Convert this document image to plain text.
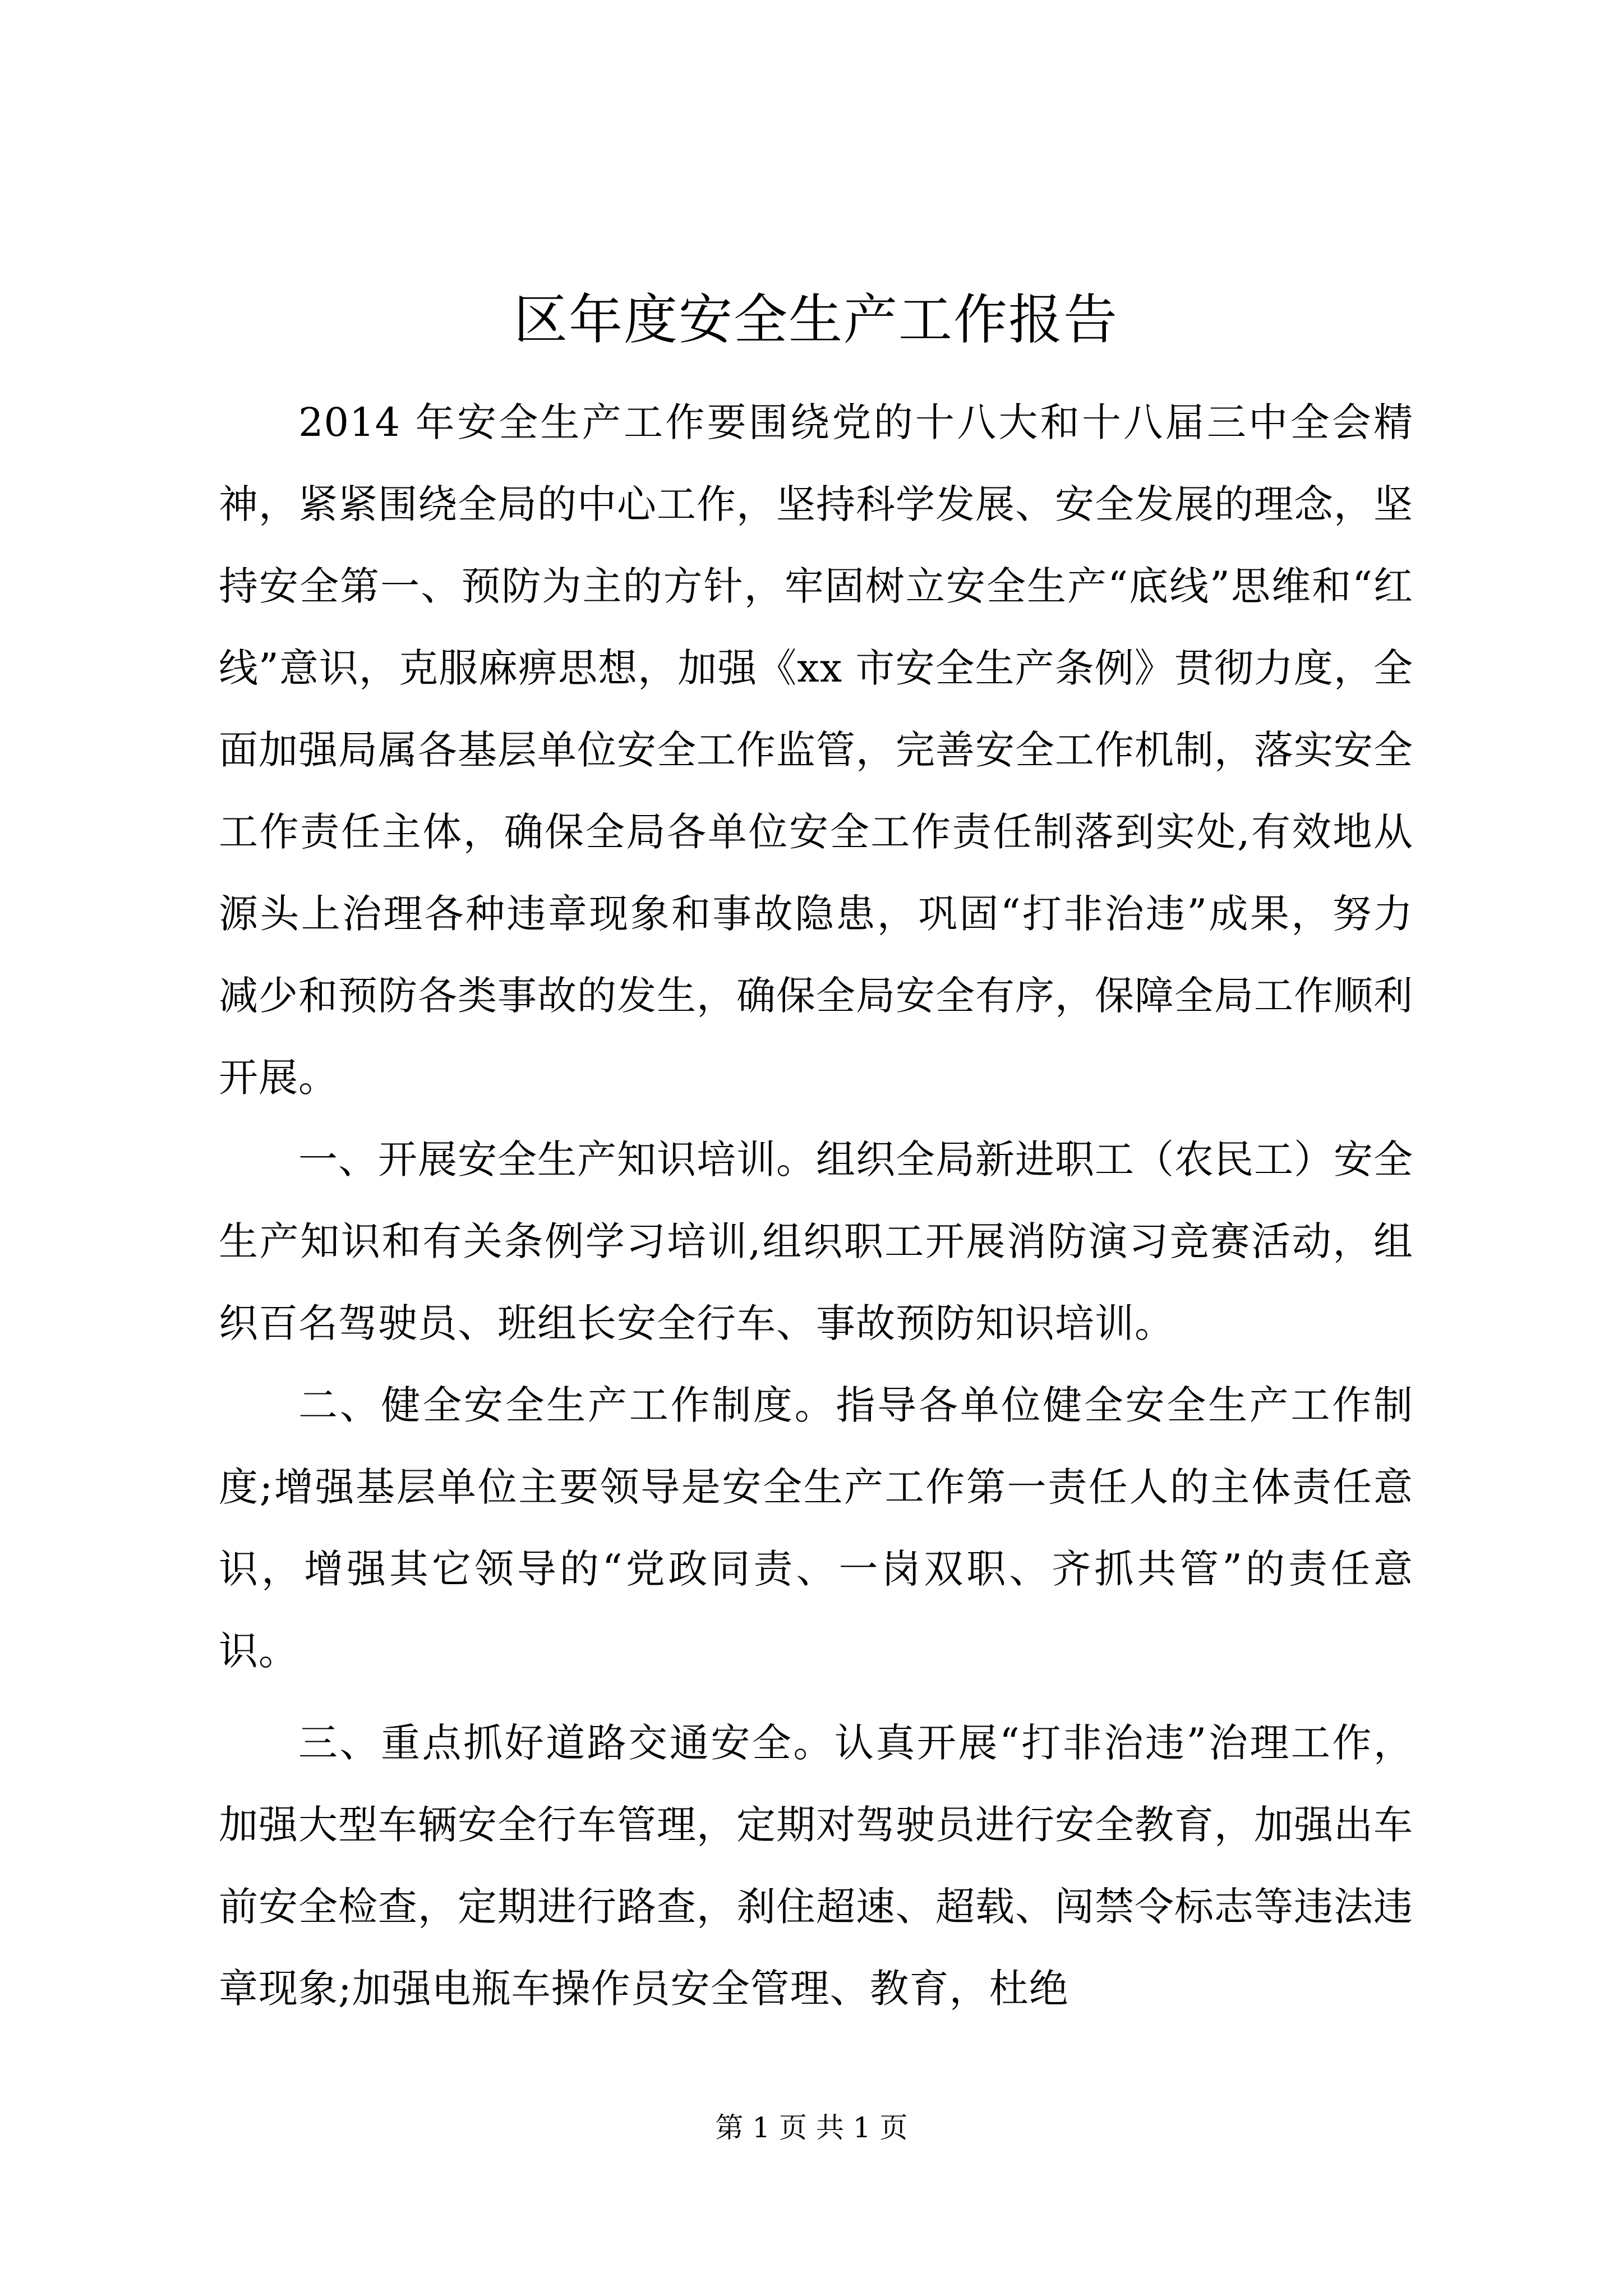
区年度安全生产工作报告

2014 年安全生产工作要围绕党的十八大和十八届三中全会精神，紧紧围绕全局的中心工作，坚持科学发展、安全发展的理念，坚持安全第一、预防为主的方针，牢固树立安全生产“底线”思维和“红线”意识，克服麻痹思想，加强《xx 市安全生产条例》贯彻力度，全面加强局属各基层单位安全工作监管，完善安全工作机制，落实安全工作责任主体，确保全局各单位安全工作责任制落到实处,有效地从源头上治理各种违章现象和事故隐患，巩固“打非治违”成果，努力减少和预防各类事故的发生，确保全局安全有序，保障全局工作顺利开展。

一、开展安全生产知识培训。组织全局新进职工（农民工）安全生产知识和有关条例学习培训,组织职工开展消防演习竞赛活动，组织百名驾驶员、班组长安全行车、事故预防知识培训。

二、健全安全生产工作制度。指导各单位健全安全生产工作制度;增强基层单位主要领导是安全生产工作第一责任人的主体责任意识，增强其它领导的“党政同责、一岗双职、齐抓共管”的责任意识。

三、重点抓好道路交通安全。认真开展“打非治违”治理工作，加强大型车辆安全行车管理，定期对驾驶员进行安全教育，加强出车前安全检查，定期进行路查，刹住超速、超载、闯禁令标志等违法违章现象;加强电瓶车操作员安全管理、教育，杜绝

第 1 页 共 1 页
